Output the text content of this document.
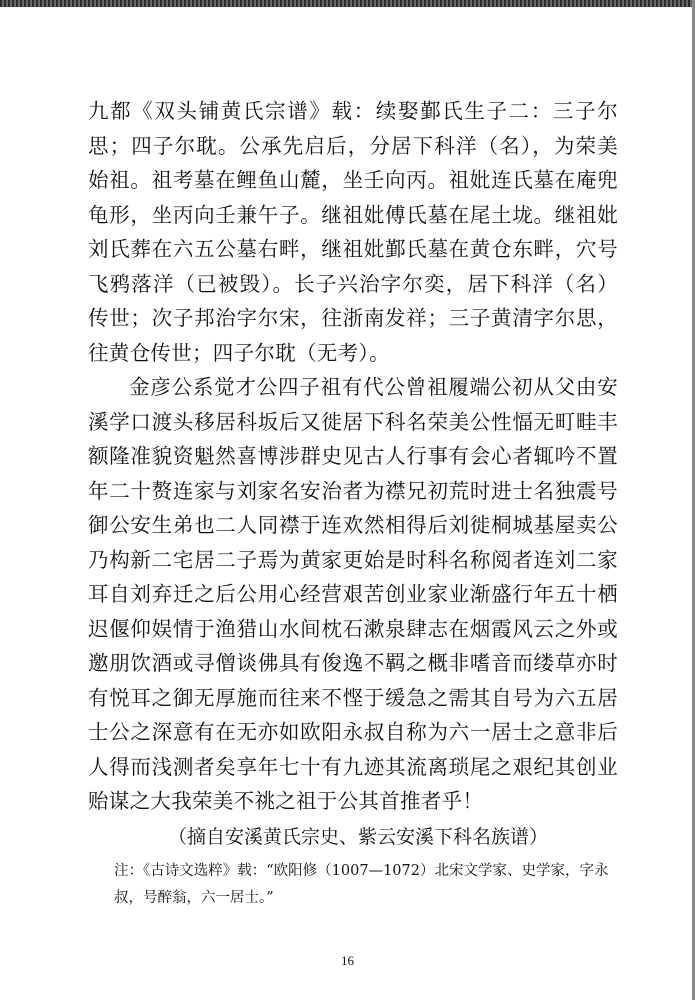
九都《双头铺黄氏宗谱》载：续娶鄞氏生子二：三子尔思；四子尔耽。公承先启后，分居下科洋（名），为荣美始祖。祖考墓在鲤鱼山麓，坐壬向丙。祖妣连氏墓在庵兜龟形，坐丙向壬兼午子。继祖妣傅氏墓在尾土垅。继祖妣刘氏葬在六五公墓右畔，继祖妣鄞氏墓在黄仓东畔，穴号飞鸦落洋（已被毁）。长子兴治字尔奕，居下科洋（名）传世；次子邦治字尔宋，往浙南发祥；三子黄清字尔思，往黄仓传世；四子尔耽（无考）。

金彦公系觉才公四子祖有代公曾祖履端公初从父由安溪学口渡头移居科坂后又徙居下科名荣美公性愊无町畦丰额隆准貌资魁然喜博涉群史见古人行事有会心者辄吟不置年二十赘连家与刘家名安治者为襟兄初荒时进士名独震号御公安生弟也二人同襟于连欢然相得后刘徙桐城基屋卖公乃构新二宅居二子焉为黄家更始是时科名称阅者连刘二家耳自刘弃迁之后公用心经营艰苦创业家业渐盛行年五十栖迟偃仰娱情于渔猎山水间枕石漱泉肆志在烟霞风云之外或邀朋饮酒或寻僧谈佛具有俊逸不羁之概非嗜音而缕草亦时有悦耳之御无厚施而往来不悭于缓急之需其自号为六五居士公之深意有在无亦如欧阳永叔自称为六一居士之意非后人得而浅测者矣享年七十有九迹其流离琐尾之艰纪其创业贻谋之大我荣美不祧之祖于公其首推者乎！

（摘自安溪黄氏宗史、紫云安溪下科名族谱）

注：《古诗文选粹》载：“欧阳修（1007—1072）北宋文学家、史学家，字永叔，号醉翁，六一居士。”

16
